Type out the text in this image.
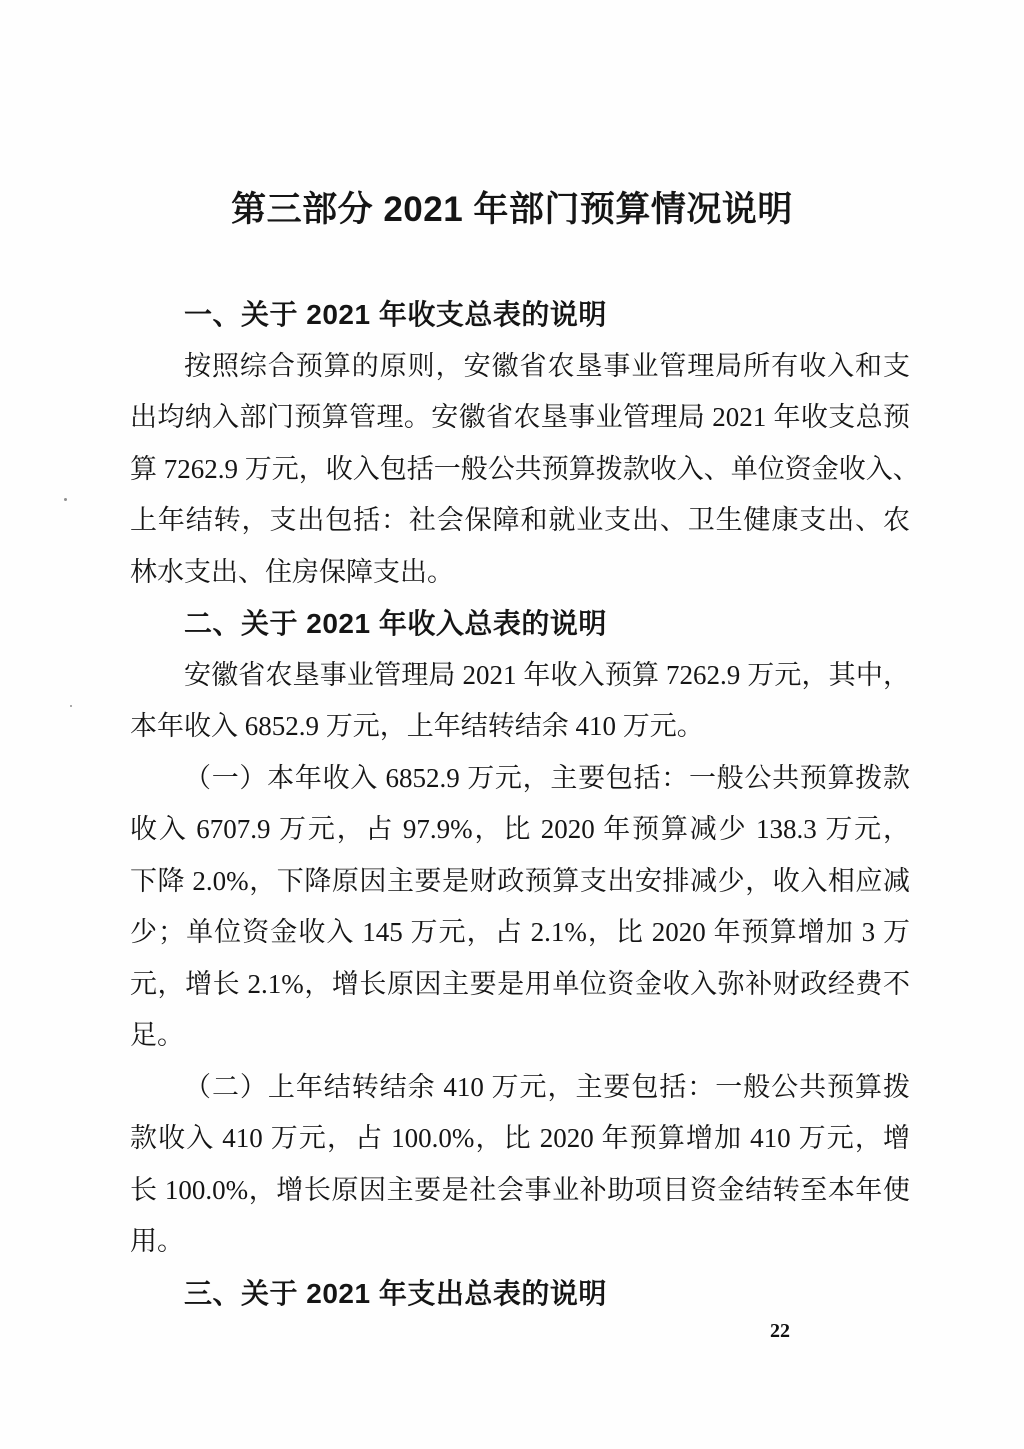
第三部分 2021 年部门预算情况说明
一、关于 2021 年收支总表的说明
按照综合预算的原则，安徽省农垦事业管理局所有收入和支
出均纳入部门预算管理。安徽省农垦事业管理局 2021 年收支总预
算 7262.9 万元，收入包括一般公共预算拨款收入、单位资金收入、
上年结转，支出包括：社会保障和就业支出、卫生健康支出、农
林水支出、住房保障支出。
二、关于 2021 年收入总表的说明
安徽省农垦事业管理局 2021 年收入预算 7262.9 万元，其中，
本年收入 6852.9 万元，上年结转结余 410 万元。
（一）本年收入 6852.9 万元，主要包括：一般公共预算拨款
收入 6707.9 万元，占 97.9%，比 2020 年预算减少 138.3 万元，
下降 2.0%，下降原因主要是财政预算支出安排减少，收入相应减
少；单位资金收入 145 万元，占 2.1%，比 2020 年预算增加 3 万
元，增长 2.1%，增长原因主要是用单位资金收入弥补财政经费不
足。
（二）上年结转结余 410 万元，主要包括：一般公共预算拨
款收入 410 万元，占 100.0%，比 2020 年预算增加 410 万元，增
长 100.0%，增长原因主要是社会事业补助项目资金结转至本年使
用。
三、关于 2021 年支出总表的说明
22
